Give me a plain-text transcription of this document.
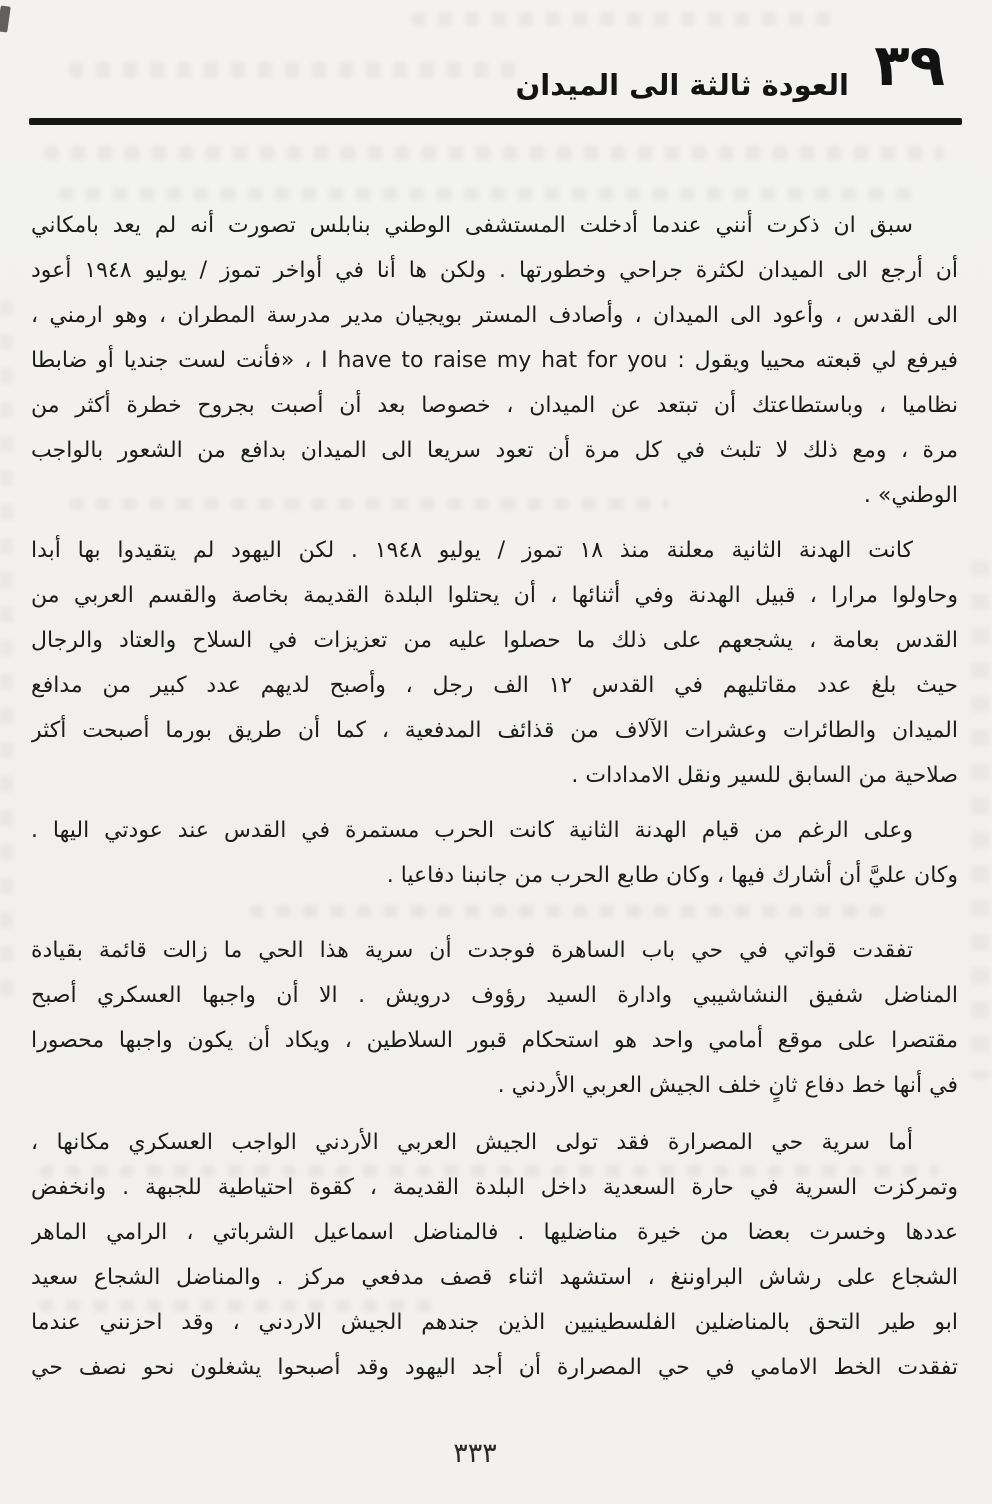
٣٩
العودة ثالثة الى الميدان
سبق ان ذكرت أنني عندما أدخلت المستشفى الوطني بنابلس تصورت أنه لم يعد بامكاني
أن أرجع الى الميدان لكثرة جراحي وخطورتها . ولكن ها أنا في أواخر تموز / يوليو ١٩٤٨ أعود
الى القدس ، وأعود الى الميدان ، وأصادف المستر بويجيان مدير مدرسة المطران ، وهو ارمني ،
فيرفع لي قبعته محييا ويقول : I have to raise my hat for you ، «فأنت لست جنديا أو ضابطا
نظاميا ، وباستطاعتك أن تبتعد عن الميدان ، خصوصا بعد أن أصبت بجروح خطرة أكثر من
مرة ، ومع ذلك لا تلبث في كل مرة أن تعود سريعا الى الميدان بدافع من الشعور بالواجب
الوطني» .
كانت الهدنة الثانية معلنة منذ ١٨ تموز / يوليو ١٩٤٨ . لكن اليهود لم يتقيدوا بها أبدا
وحاولوا مرارا ، قبيل الهدنة وفي أثنائها ، أن يحتلوا البلدة القديمة بخاصة والقسم العربي من
القدس بعامة ، يشجعهم على ذلك ما حصلوا عليه من تعزيزات في السلاح والعتاد والرجال
حيث بلغ عدد مقاتليهم في القدس ١٢ الف رجل ، وأصبح لديهم عدد كبير من مدافع
الميدان والطائرات وعشرات الآلاف من قذائف المدفعية ، كما أن طريق بورما أصبحت أكثر
صلاحية من السابق للسير ونقل الامدادات .
وعلى الرغم من قيام الهدنة الثانية كانت الحرب مستمرة في القدس عند عودتي اليها .
وكان عليَّ أن أشارك فيها ، وكان طابع الحرب من جانبنا دفاعيا .
تفقدت قواتي في حي باب الساهرة فوجدت أن سرية هذا الحي ما زالت قائمة بقيادة
المناضل شفيق النشاشيبي وادارة السيد رؤوف درويش . الا أن واجبها العسكري أصبح
مقتصرا على موقع أمامي واحد هو استحكام قبور السلاطين ، ويكاد أن يكون واجبها محصورا
في أنها خط دفاع ثانٍ خلف الجيش العربي الأردني .
أما سرية حي المصرارة فقد تولى الجيش العربي الأردني الواجب العسكري مكانها ،
وتمركزت السرية في حارة السعدية داخل البلدة القديمة ، كقوة احتياطية للجبهة . وانخفض
عددها وخسرت بعضا من خيرة مناضليها . فالمناضل اسماعيل الشرباتي ، الرامي الماهر
الشجاع على رشاش البراوننغ ، استشهد اثناء قصف مدفعي مركز . والمناضل الشجاع سعيد
ابو طير التحق بالمناضلين الفلسطينيين الذين جندهم الجيش الاردني ، وقد احزنني عندما
تفقدت الخط الامامي في حي المصرارة أن أجد اليهود وقد أصبحوا يشغلون نحو نصف حي
٣٣٣
